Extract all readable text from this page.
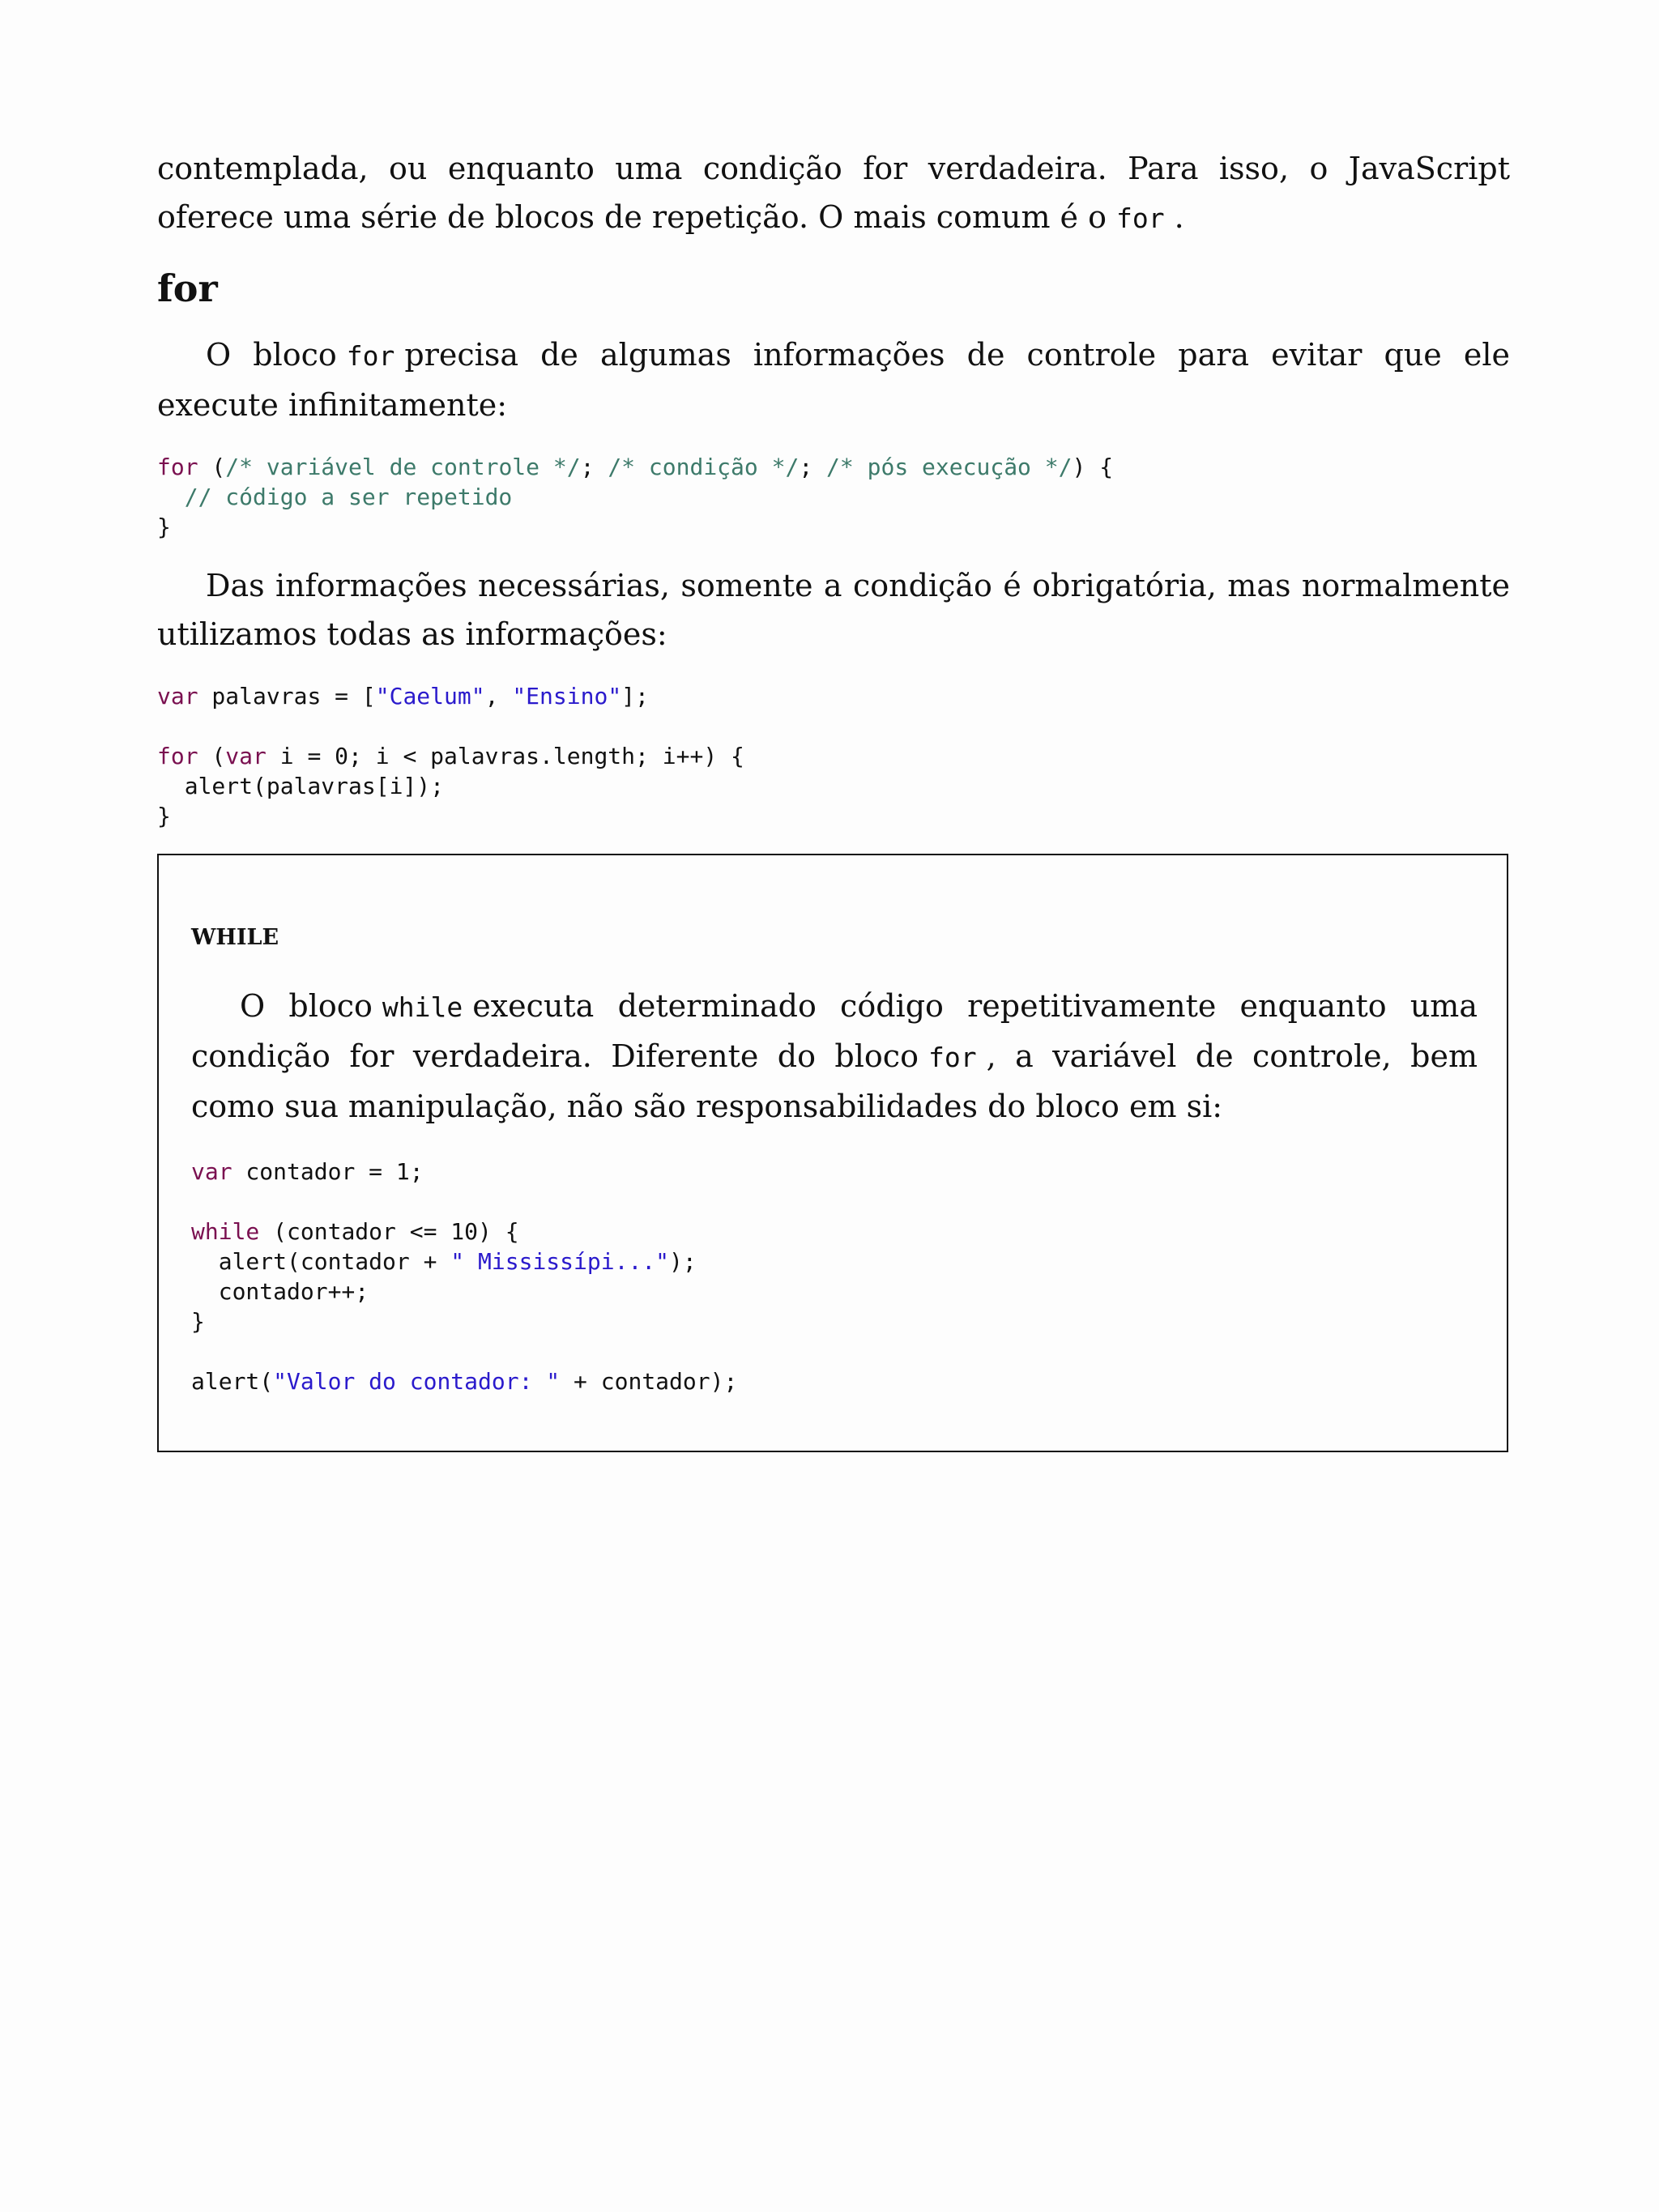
contemplada, ou enquanto uma condição for verdadeira. Para isso, o JavaScript oferece uma série de blocos de repetição. O mais comum é o for .

for

O bloco for precisa de algumas informações de controle para evitar que ele execute infinitamente:

for (/* variável de controle */; /* condição */; /* pós execução */) {
// código a ser repetido
}

Das informações necessárias, somente a condição é obrigatória, mas normalmente utilizamos todas as informações:

var palavras = ["Caelum", "Ensino"];

for (var i = 0; i < palavras.length; i++) {
alert(palavras[i]);
}
WHILE

O bloco while executa determinado código repetitivamente enquanto uma condição for verdadeira. Diferente do bloco for , a variável de controle, bem como sua manipulação, não são responsabilidades do bloco em si:

var contador = 1;

while (contador <= 10) {
alert(contador + " Mississípi...");
contador++;
}

alert("Valor do contador: " + contador);
